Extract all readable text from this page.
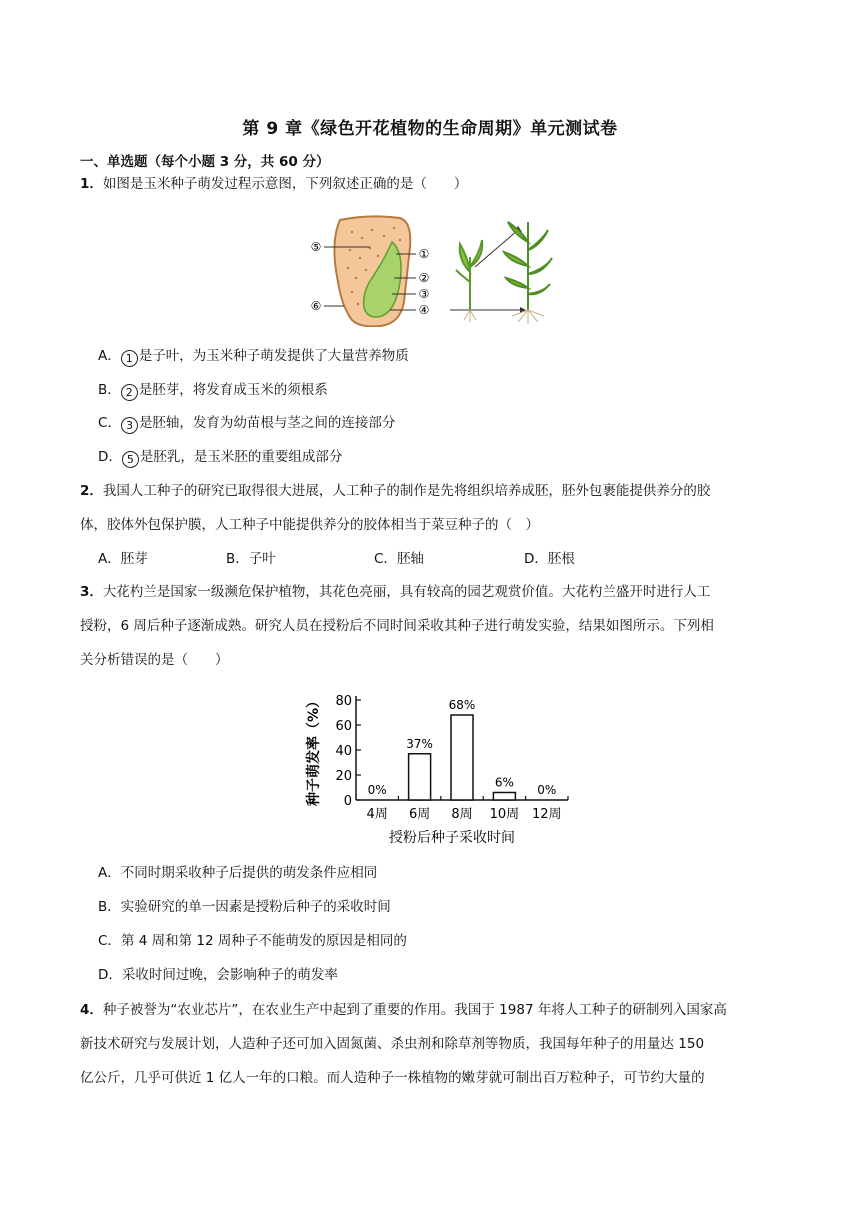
第 9 章《绿色开花植物的生命周期》单元测试卷
一、单选题（每个小题 3 分，共 60 分）
1．如图是玉米种子萌发过程示意图，下列叙述正确的是（　　）
⑤	①
②
③
⑥	④
A． 1 是子叶，为玉米种子萌发提供了大量营养物质
B． 2 是胚芽，将发育成玉米的须根系
C． 3 是胚轴，发育为幼苗根与茎之间的连接部分
D． 5 是胚乳，是玉米胚的重要组成部分
2．我国人工种子的研究已取得很大进展，人工种子的制作是先将组织培养成胚，胚外包裹能提供养分的胶
体，胶体外包保护膜，人工种子中能提供养分的胶体相当于菜豆种子的（　）
A．胚芽	B．子叶	C．胚轴	D．胚根
3．大花杓兰是国家一级濒危保护植物，其花色亮丽，具有较高的园艺观赏价值。大花杓兰盛开时进行人工
授粉，6 周后种子逐渐成熟。研究人员在授粉后不同时间采收其种子进行萌发实验，结果如图所示。下列相
关分析错误的是（　　）
0
20
40
60
80
4周
0%
6周
37%
8周
68%
10周
6%
12周
0%
种子萌发率（%）
授粉后种子采收时间
A．不同时期采收种子后提供的萌发条件应相同
B．实验研究的单一因素是授粉后种子的采收时间
C．第 4 周和第 12 周种子不能萌发的原因是相同的
D．采收时间过晚，会影响种子的萌发率
4．种子被誉为“农业芯片”，在农业生产中起到了重要的作用。我国于 1987 年将人工种子的研制列入国家高
新技术研究与发展计划，人造种子还可加入固氮菌、杀虫剂和除草剂等物质，我国每年种子的用量达 150
亿公斤，几乎可供近 1 亿人一年的口粮。而人造种子一株植物的嫩芽就可制出百万粒种子，可节约大量的
